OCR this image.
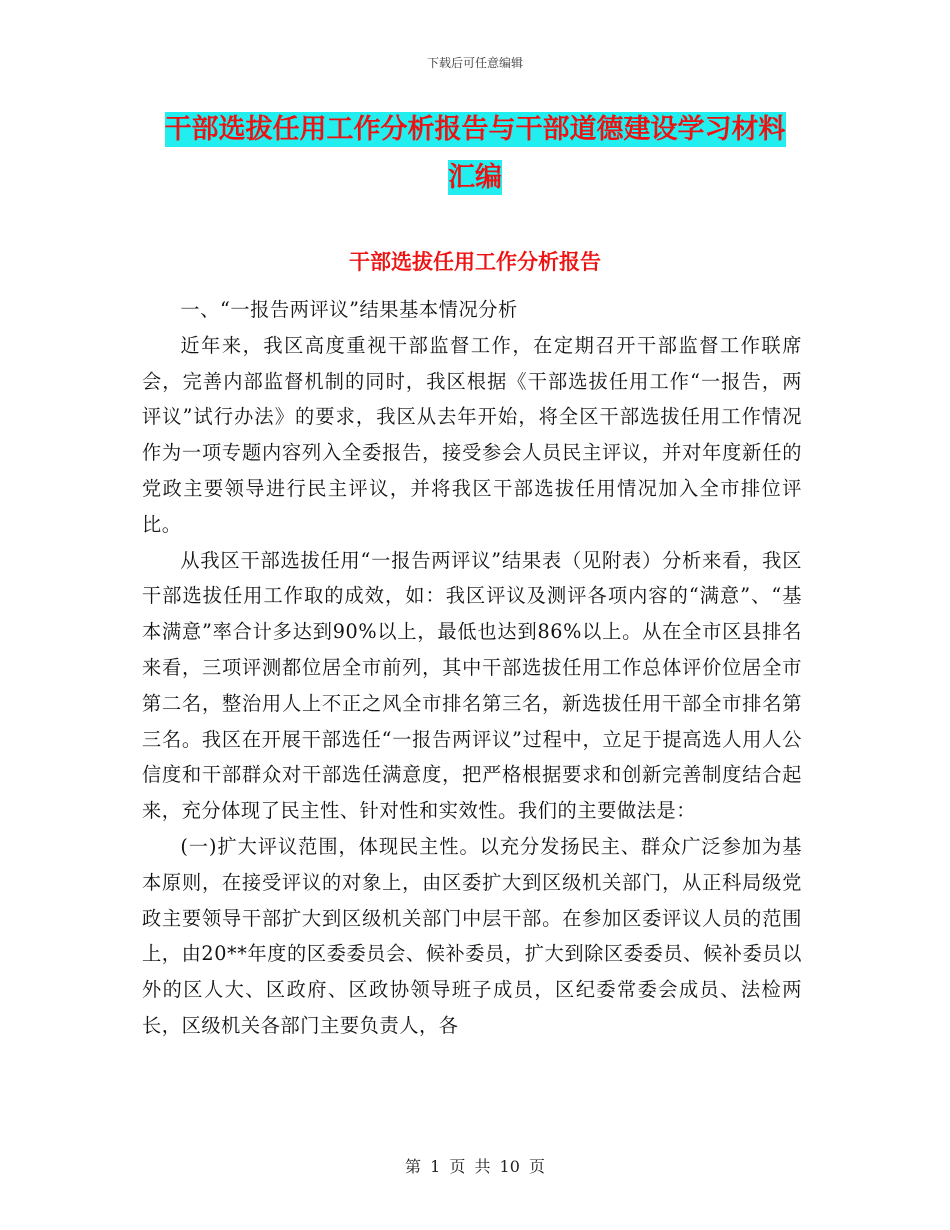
下载后可任意编辑
干部选拔任用工作分析报告与干部道德建设学习材料
汇编
干部选拔任用工作分析报告

一、“一报告两评议”结果基本情况分析

近年来，我区高度重视干部监督工作，在定期召开干部监督工作联席会，完善内部监督机制的同时，我区根据《干部选拔任用工作“一报告，两评议”试行办法》的要求，我区从去年开始，将全区干部选拔任用工作情况作为一项专题内容列入全委报告，接受参会人员民主评议，并对年度新任的党政主要领导进行民主评议，并将我区干部选拔任用情况加入全市排位评比。

从我区干部选拔任用“一报告两评议”结果表（见附表）分析来看，我区干部选拔任用工作取的成效，如：我区评议及测评各项内容的“满意”、“基本满意”率合计多达到90%以上，最低也达到86%以上。从在全市区县排名来看，三项评测都位居全市前列，其中干部选拔任用工作总体评价位居全市第二名，整治用人上不正之风全市排名第三名，新选拔任用干部全市排名第三名。我区在开展干部选任“一报告两评议”过程中，立足于提高选人用人公信度和干部群众对干部选任满意度，把严格根据要求和创新完善制度结合起来，充分体现了民主性、针对性和实效性。我们的主要做法是：

(一)扩大评议范围，体现民主性。以充分发扬民主、群众广泛参加为基本原则，在接受评议的对象上，由区委扩大到区级机关部门，从正科局级党政主要领导干部扩大到区级机关部门中层干部。在参加区委评议人员的范围上，由20**年度的区委委员会、候补委员，扩大到除区委委员、候补委员以外的区人大、区政府、区政协领导班子成员，区纪委常委会成员、法检两长，区级机关各部门主要负责人，各

第 1 页 共 10 页
